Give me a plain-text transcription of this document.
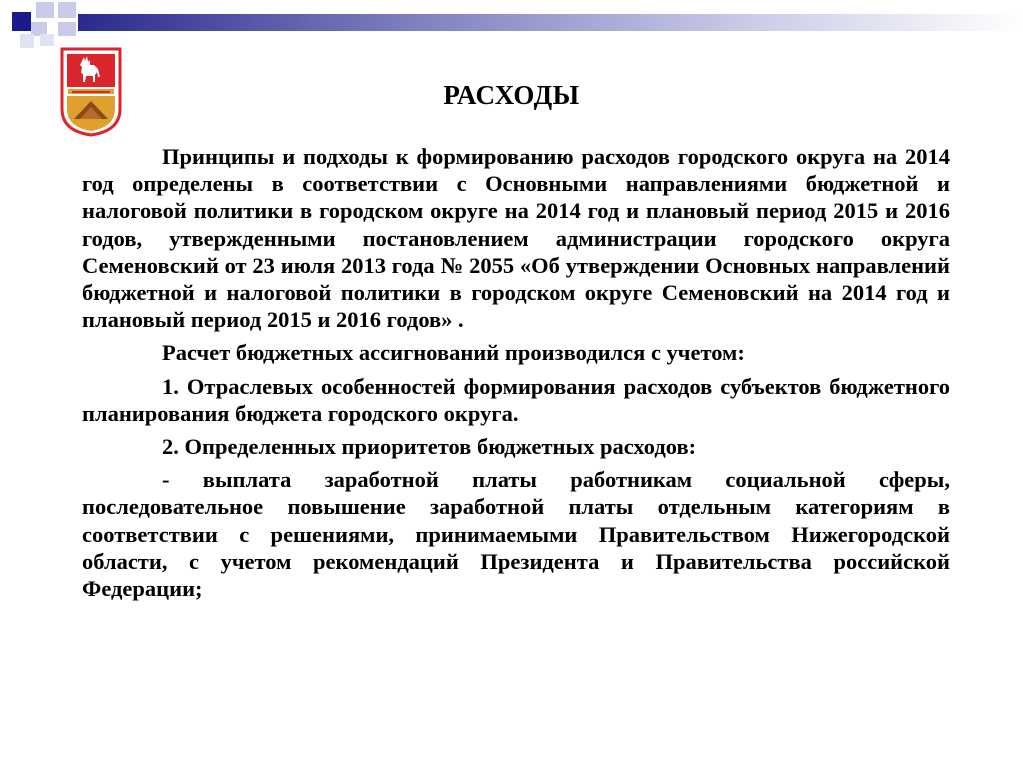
РАСХОДЫ

Принципы и подходы к формированию расходов городского округа на 2014 год определены в соответствии с Основными направлениями бюджетной и налоговой политики в городском округе на 2014 год и плановый период 2015 и 2016 годов, утвержденными постановлением администрации городского округа Семеновский от 23 июля 2013 года № 2055 «Об утверждении Основных направлений бюджетной и налоговой политики в городском округе Семеновский на 2014 год и плановый период 2015 и 2016 годов» .

Расчет бюджетных ассигнований производился с учетом:

1. Отраслевых особенностей формирования расходов субъектов бюджетного планирования бюджета городского округа.

2. Определенных приоритетов бюджетных расходов:

- выплата заработной платы работникам социальной сферы, последовательное повышение заработной платы отдельным категориям в соответствии с решениями, принимаемыми Правительством Нижегородской области, с учетом рекомендаций Президента и Правительства российской Федерации;
